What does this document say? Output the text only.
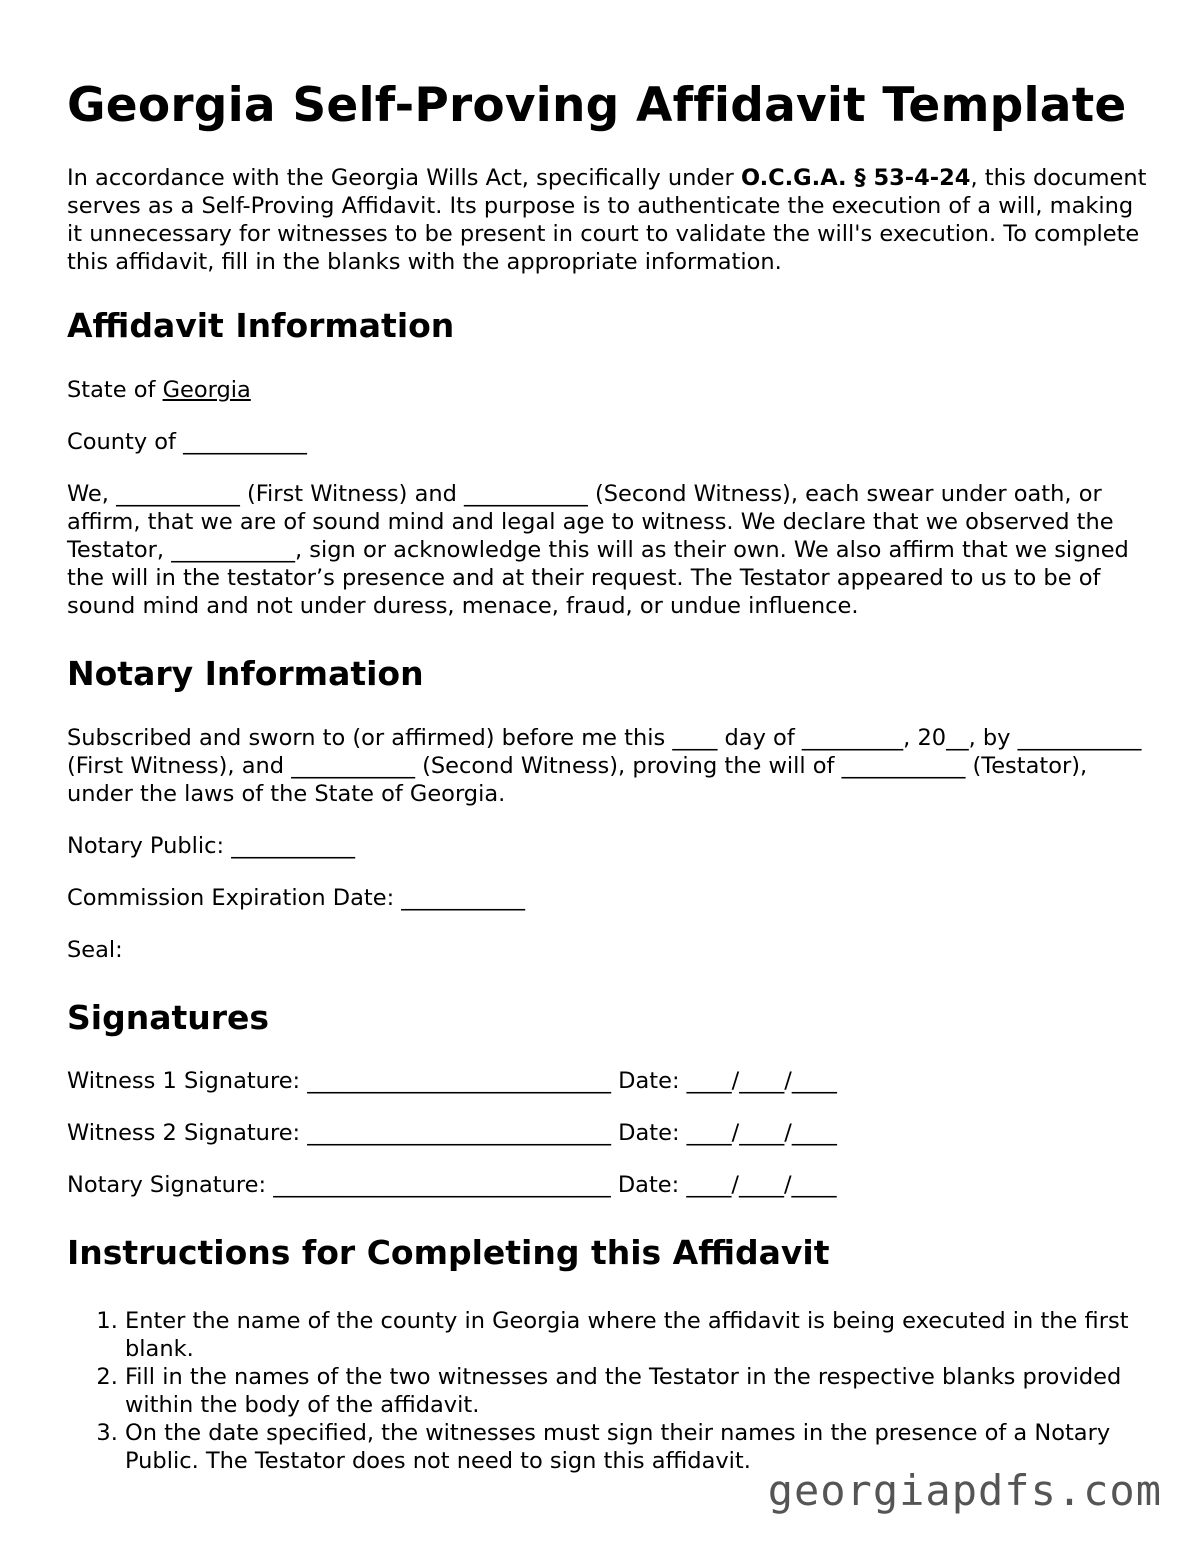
Georgia Self-Proving Affidavit Template

In accordance with the Georgia Wills Act, specifically under O.C.G.A. § 53-4-24, this document serves as a Self-Proving Affidavit. Its purpose is to authenticate the execution of a will, making it unnecessary for witnesses to be present in court to validate the will's execution. To complete this affidavit, fill in the blanks with the appropriate information.

Affidavit Information

State of Georgia

County of ___________

We, ___________ (First Witness) and ___________ (Second Witness), each swear under oath, or affirm, that we are of sound mind and legal age to witness. We declare that we observed the Testator, ___________, sign or acknowledge this will as their own. We also affirm that we signed the will in the testator’s presence and at their request. The Testator appeared to us to be of sound mind and not under duress, menace, fraud, or undue influence.

Notary Information

Subscribed and sworn to (or affirmed) before me this ____ day of _________, 20__, by ___________ (First Witness), and ___________ (Second Witness), proving the will of ___________ (Testator), under the laws of the State of Georgia.

Notary Public: ___________

Commission Expiration Date: ___________

Seal:

Signatures

Witness 1 Signature: ___________________________ Date: ____/____/____

Witness 2 Signature: ___________________________ Date: ____/____/____

Notary Signature: ______________________________ Date: ____/____/____

Instructions for Completing this Affidavit
1. Enter the name of the county in Georgia where the affidavit is being executed in the first blank.
2. Fill in the names of the two witnesses and the Testator in the respective blanks provided within the body of the affidavit.
3. On the date specified, the witnesses must sign their names in the presence of a Notary Public. The Testator does not need to sign this affidavit.
georgiapdfs.com
